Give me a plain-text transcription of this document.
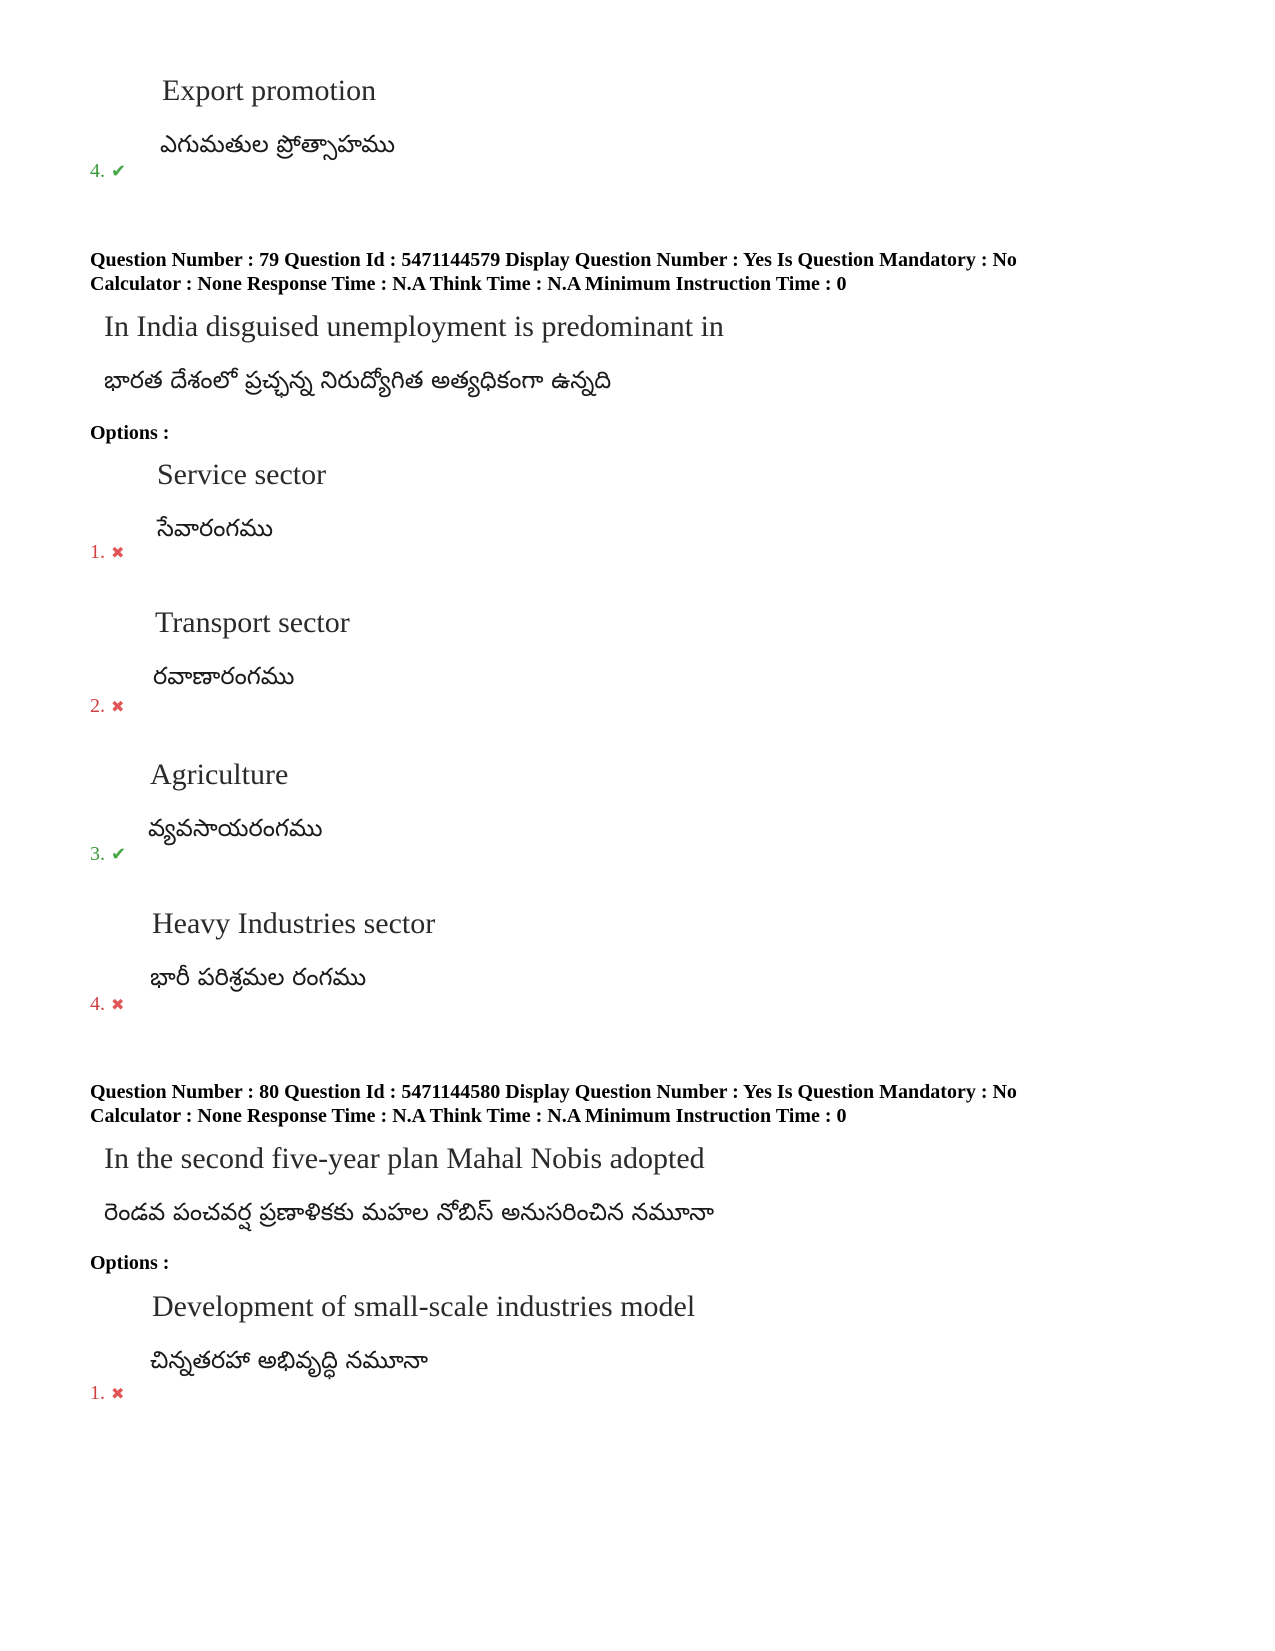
Export promotion
ఎగుమతుల ప్రోత్సాహము
4. ✔
Question Number : 79 Question Id : 5471144579 Display Question Number : Yes Is Question Mandatory : No
Calculator : None Response Time : N.A Think Time : N.A Minimum Instruction Time : 0
In India disguised unemployment is predominant in
భారత దేశంలో ప్రచ్ఛన్న నిరుద్యోగిత అత్యధికంగా ఉన్నది
Options :
Service sector
సేవారంగము
1. ✖
Transport sector
రవాణారంగము
2. ✖
Agriculture
వ్యవసాయరంగము
3. ✔
Heavy Industries sector
భారీ పరిశ్రమల రంగము
4. ✖
Question Number : 80 Question Id : 5471144580 Display Question Number : Yes Is Question Mandatory : No
Calculator : None Response Time : N.A Think Time : N.A Minimum Instruction Time : 0
In the second five-year plan Mahal Nobis adopted
రెండవ పంచవర్ష ప్రణాళికకు మహల నోబిస్ అనుసరించిన నమూనా
Options :
Development of small-scale industries model
చిన్నతరహా అభివృద్ధి నమూనా
1. ✖
